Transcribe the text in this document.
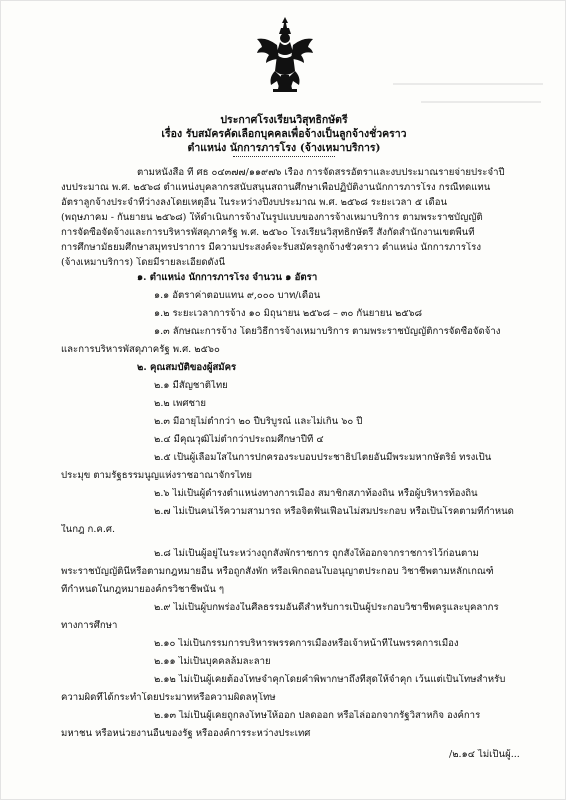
ประกาศโรงเรียนวิสุทธิกษัตรี
เรื่อง รับสมัครคัดเลือกบุคคลเพื่อจ้างเป็นลูกจ้างชั่วคราว
ตำแหน่ง นักการภารโรง (จ้างเหมาบริการ)
ตามหนังสือ ที่ ศธ ๐๔๓๗๗/๑๑๙๗๖ เรื่อง การจัดสรรอัตราและงบประมาณรายจ่ายประจำปี
งบประมาณ พ.ศ. ๒๕๖๘ ตำแหน่งบุคลากรสนับสนุนสถานศึกษาเพื่อปฏิบัติงานนักการภารโรง กรณีทดแทน
อัตราลูกจ้างประจำที่ว่างลงโดยเหตุอื่น ในระหว่างปีงบประมาณ พ.ศ. ๒๕๖๘ ระยะเวลา ๕ เดือน
(พฤษภาคม - กันยายน ๒๕๖๘) ให้ดำเนินการจ้างในรูปแบบของการจ้างเหมาบริการ ตามพระราชบัญญัติ
การจัดซื้อจัดจ้างและการบริหารพัสดุภาครัฐ พ.ศ. ๒๕๖๐ โรงเรียนวิสุทธิกษัตรี สังกัดสำนักงานเขตพื้นที่
การศึกษามัธยมศึกษาสมุทรปราการ มีความประสงค์จะรับสมัครลูกจ้างชั่วคราว ตำแหน่ง นักการภารโรง
(จ้างเหมาบริการ) โดยมีรายละเอียดดังนี้
๑. ตำแหน่ง นักการภารโรง จำนวน ๑ อัตรา
๑.๑ อัตราค่าตอบแทน ๙,๐๐๐ บาท/เดือน
๑.๒ ระยะเวลาการจ้าง ๑๐ มิถุนายน ๒๕๖๘ – ๓๐ กันยายน ๒๕๖๘
๑.๓ ลักษณะการจ้าง โดยวิธีการจ้างเหมาบริการ ตามพระราชบัญญัติการจัดซื้อจัดจ้าง
และการบริหารพัสดุภาครัฐ พ.ศ. ๒๕๖๐
๒. คุณสมบัติของผู้สมัคร
๒.๑ มีสัญชาติไทย
๒.๒ เพศชาย
๒.๓ มีอายุไม่ต่ำกว่า ๒๐ ปีบริบูรณ์ และไม่เกิน ๖๐ ปี
๒.๔ มีคุณวุฒิไม่ต่ำกว่าประถมศึกษาปีที่ ๔
๒.๕ เป็นผู้เลื่อมใสในการปกครองระบอบประชาธิปไตยอันมีพระมหากษัตริย์ ทรงเป็น
ประมุข ตามรัฐธรรมนูญแห่งราชอาณาจักรไทย
๒.๖ ไม่เป็นผู้ดำรงตำแหน่งทางการเมือง สมาชิกสภาท้องถิ่น หรือผู้บริหารท้องถิ่น
๒.๗ ไม่เป็นคนไร้ความสามารถ หรือจิตฟั่นเฟือนไม่สมประกอบ หรือเป็นโรคตามที่กำหนด
ในกฎ ก.ค.ศ.
๒.๘ ไม่เป็นผู้อยู่ในระหว่างถูกสั่งพักราชการ ถูกสั่งให้ออกจากราชการไว้ก่อนตาม
พระราชบัญญัตินี้หรือตามกฎหมายอื่น หรือถูกสั่งพัก หรือเพิกถอนใบอนุญาตประกอบ วิชาชีพตามหลักเกณฑ์
ที่กำหนดในกฎหมายองค์กรวิชาชีพนั้น ๆ
๒.๙ ไม่เป็นผู้บกพร่องในศีลธรรมอันดีสำหรับการเป็นผู้ประกอบวิชาชีพครูและบุคลากร
ทางการศึกษา
๒.๑๐ ไม่เป็นกรรมการบริหารพรรคการเมืองหรือเจ้าหน้าที่ในพรรคการเมือง
๒.๑๑ ไม่เป็นบุคคลล้มละลาย
๒.๑๒ ไม่เป็นผู้เคยต้องโทษจำคุกโดยคำพิพากษาถึงที่สุดให้จำคุก เว้นแต่เป็นโทษสำหรับ
ความผิดที่ได้กระทำโดยประมาทหรือความผิดลหุโทษ
๒.๑๓ ไม่เป็นผู้เคยถูกลงโทษให้ออก ปลดออก หรือไล่ออกจากรัฐวิสาหกิจ องค์การ
มหาชน หรือหน่วยงานอื่นของรัฐ หรือองค์การระหว่างประเทศ
/๒.๑๔ ไม่เป็นผู้...
